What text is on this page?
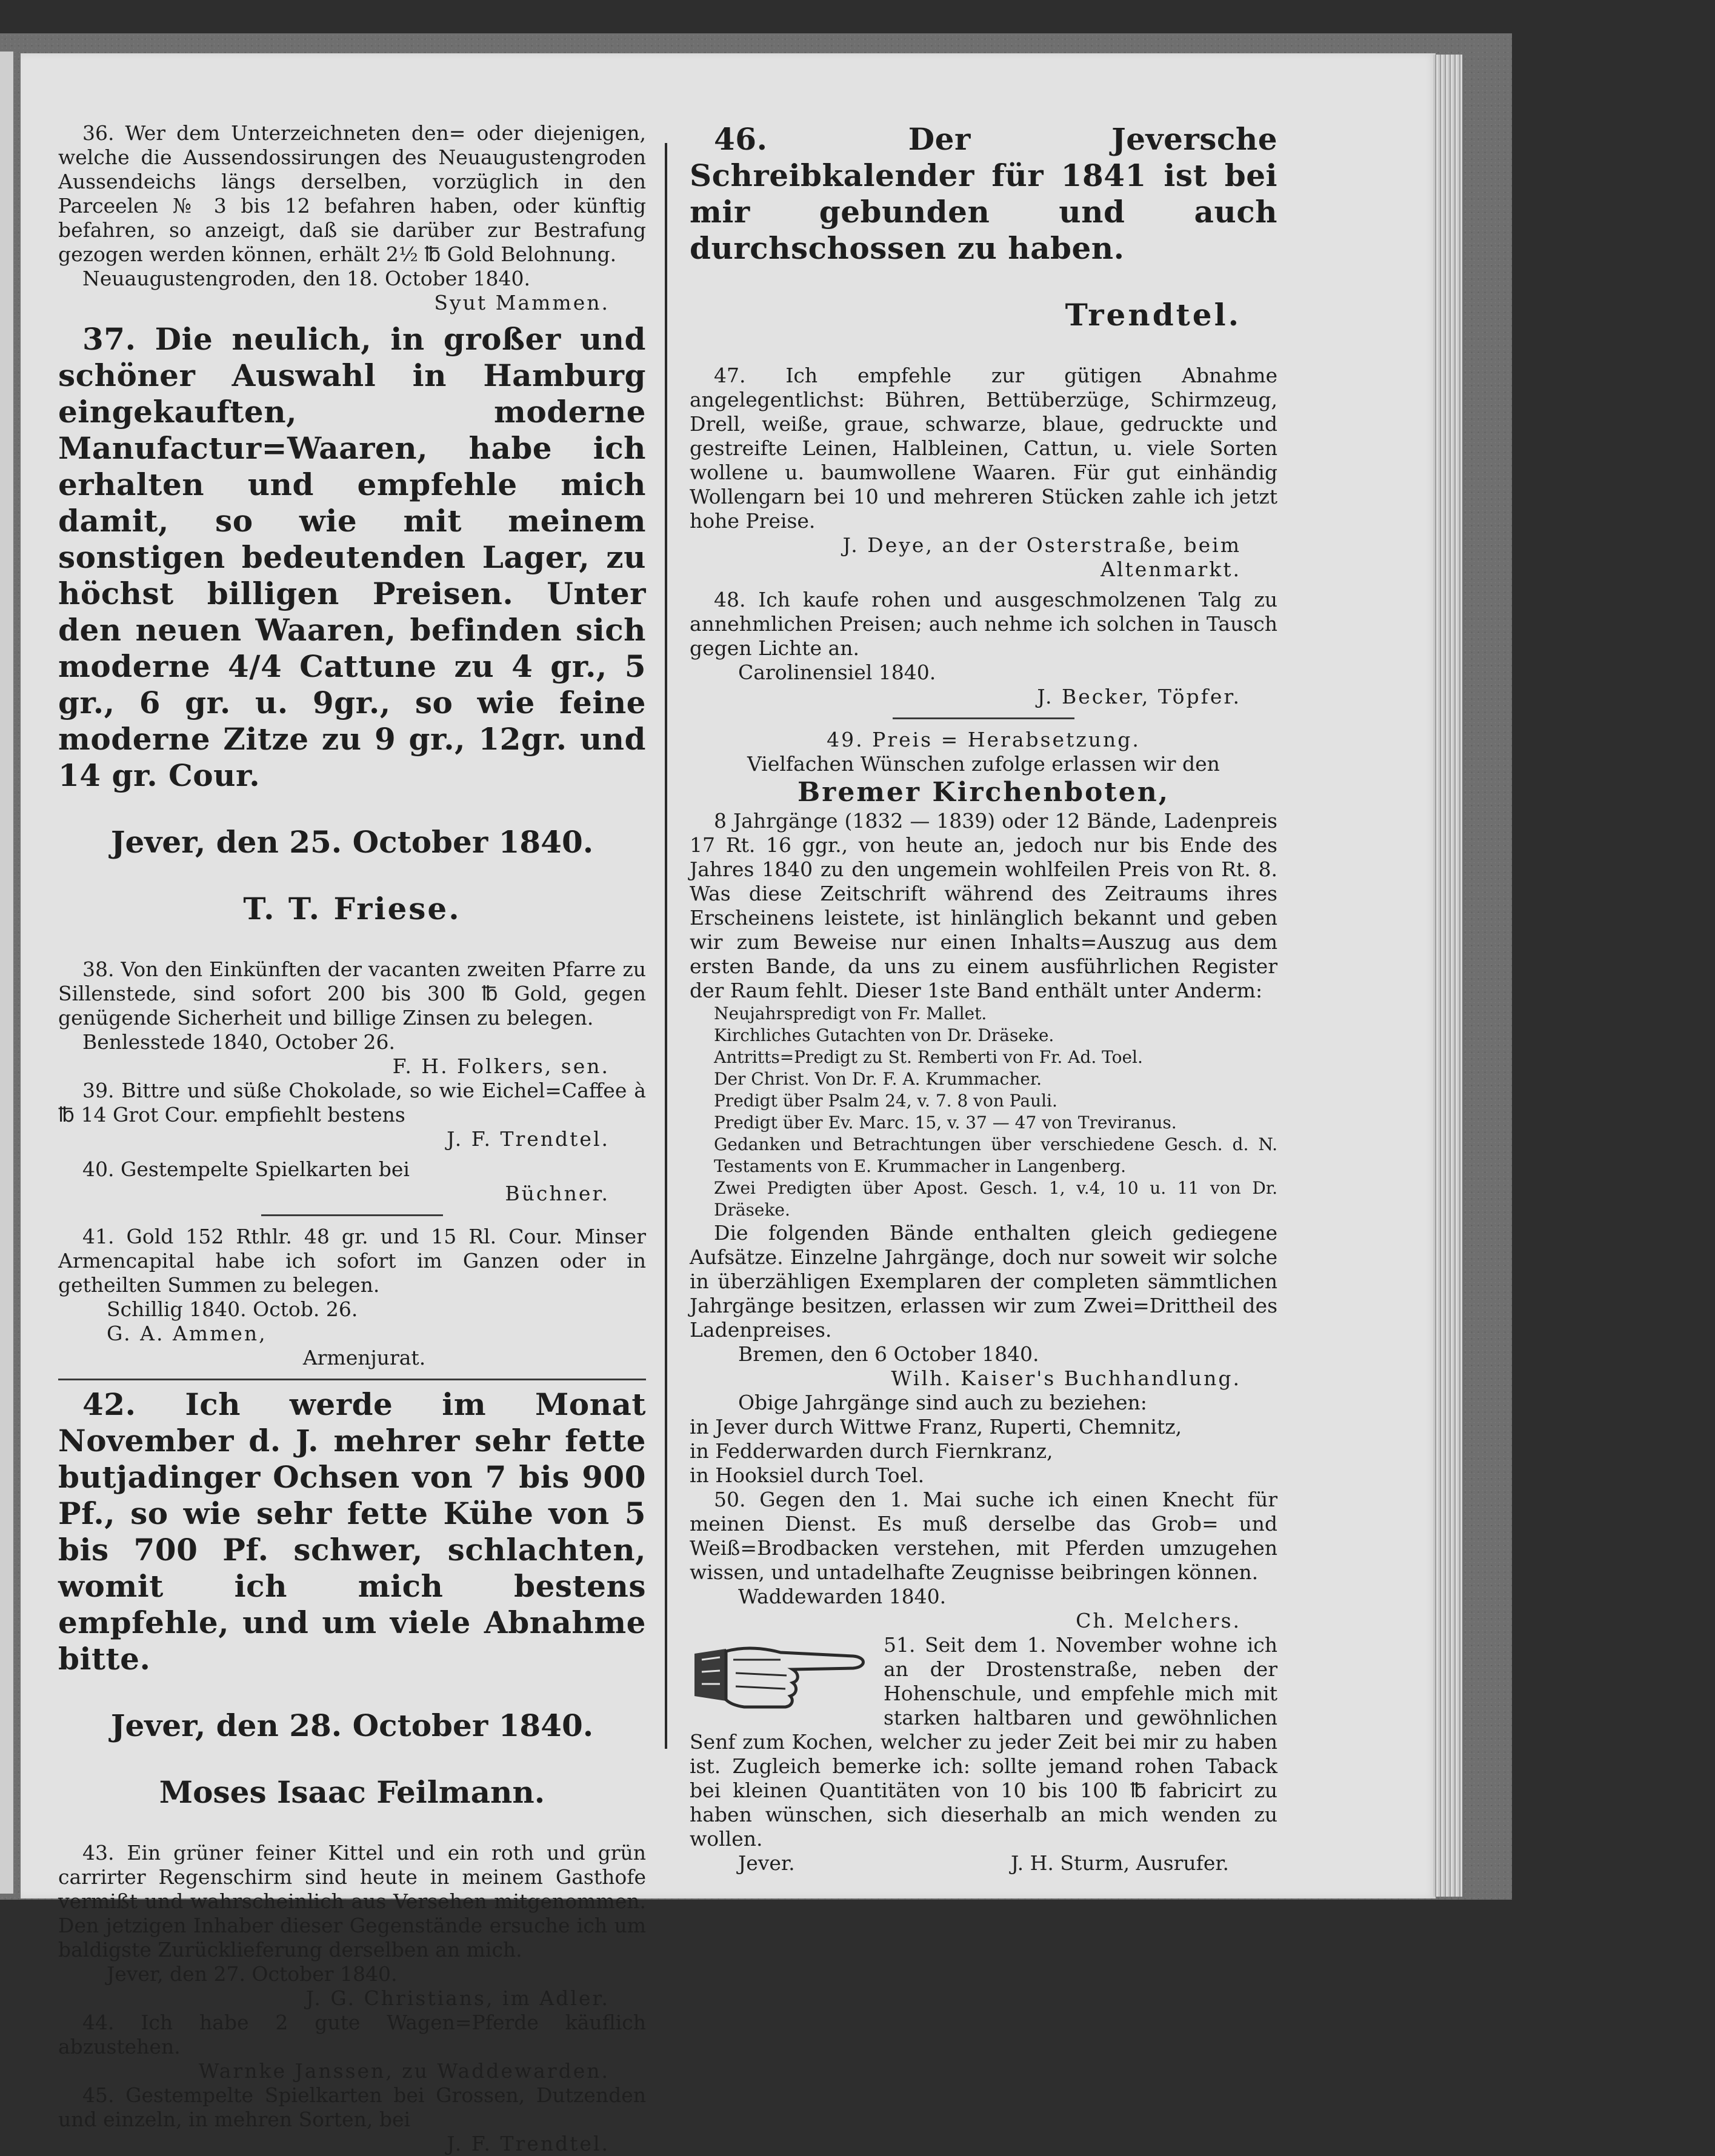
36. Wer dem Unterzeichneten den= oder diejenigen, welche die Aussendossirungen des Neuaugustengroden Aussendeichs längs derselben, vorzüglich in den Parceelen № 3 bis 12 befahren haben, oder künftig befahren, so anzeigt, daß sie darüber zur Bestrafung gezogen werden können, erhält 2½ ℔ Gold Belohnung.

Neuaugustengroden, den 18. October 1840.

Syut Mammen.

37. Die neulich, in großer und schöner Auswahl in Hamburg eingekauften, moderne Manufactur=Waaren, habe ich erhalten und empfehle mich damit, so wie mit meinem sonstigen bedeutenden Lager, zu höchst billigen Preisen. Unter den neuen Waaren, befinden sich moderne 4/4 Cattune zu 4 gr., 5 gr., 6 gr. u. 9gr., so wie feine moderne Zitze zu 9 gr., 12gr. und 14 gr. Cour.

Jever, den 25. October 1840.

T. T. Friese.

38. Von den Einkünften der vacanten zweiten Pfarre zu Sillenstede, sind sofort 200 bis 300 ℔ Gold, gegen genügende Sicherheit und billige Zinsen zu belegen.

Benlesstede 1840, October 26.

F. H. Folkers, sen.

39. Bittre und süße Chokolade, so wie Eichel=Caffee à ℔ 14 Grot Cour. empfiehlt bestens

J. F. Trendtel.

40. Gestempelte Spielkarten bei

Büchner.

41. Gold 152 Rthlr. 48 gr. und 15 Rl. Cour. Minser Armencapital habe ich sofort im Ganzen oder in getheilten Summen zu belegen.

Schillig 1840. Octob. 26.

G. A. Ammen,

Armenjurat.

42. Ich werde im Monat November d. J. mehrer sehr fette butjadinger Ochsen von 7 bis 900 Pf., so wie sehr fette Kühe von 5 bis 700 Pf. schwer, schlachten, womit ich mich bestens empfehle, und um viele Abnahme bitte.

Jever, den 28. October 1840.

Moses Isaac Feilmann.

43. Ein grüner feiner Kittel und ein roth und grün carrirter Regenschirm sind heute in meinem Gasthofe vermißt und wahrscheinlich aus Versehen mitgenommen. Den jetzigen Inhaber dieser Gegenstände ersuche ich um baldigste Zurücklieferung derselben an mich.

Jever, den 27. October 1840.

J. G. Christians, im Adler.

44. Ich habe 2 gute Wagen=Pferde käuflich abzustehen.

Warnke Janssen, zu Waddewarden.

45. Gestempelte Spielkarten bei Grossen, Dutzenden und einzeln, in mehren Sorten, bei

J. F. Trendtel.

46. Der Jeversche Schreibkalender für 1841 ist bei mir gebunden und auch durchschossen zu haben.

Trendtel.

47. Ich empfehle zur gütigen Abnahme angelegentlichst: Bühren, Bettüberzüge, Schirmzeug, Drell, weiße, graue, schwarze, blaue, gedruckte und gestreifte Leinen, Halbleinen, Cattun, u. viele Sorten wollene u. baumwollene Waaren. Für gut einhändig Wollengarn bei 10 und mehreren Stücken zahle ich jetzt hohe Preise.

J. Deye, an der Osterstraße, beim Altenmarkt.

48. Ich kaufe rohen und ausgeschmolzenen Talg zu annehmlichen Preisen; auch nehme ich solchen in Tausch gegen Lichte an.

Carolinensiel 1840.

J. Becker, Töpfer.

49. Preis = Herabsetzung.

Vielfachen Wünschen zufolge erlassen wir den

Bremer Kirchenboten,

8 Jahrgänge (1832 — 1839) oder 12 Bände, Ladenpreis 17 Rt. 16 ggr., von heute an, jedoch nur bis Ende des Jahres 1840 zu den ungemein wohlfeilen Preis von Rt. 8. Was diese Zeitschrift während des Zeitraums ihres Erscheinens leistete, ist hinlänglich bekannt und geben wir zum Beweise nur einen Inhalts=Auszug aus dem ersten Bande, da uns zu einem ausführlichen Register der Raum fehlt. Dieser 1ste Band enthält unter Anderm:

Neujahrspredigt von Fr. Mallet.

Kirchliches Gutachten von Dr. Dräseke.

Antritts=Predigt zu St. Remberti von Fr. Ad. Toel.

Der Christ. Von Dr. F. A. Krummacher.

Predigt über Psalm 24, v. 7. 8 von Pauli.

Predigt über Ev. Marc. 15, v. 37 — 47 von Treviranus.

Gedanken und Betrachtungen über verschiedene Gesch. d. N. Testaments von E. Krummacher in Langenberg.

Zwei Predigten über Apost. Gesch. 1, v.4, 10 u. 11 von Dr. Dräseke.

Die folgenden Bände enthalten gleich gediegene Aufsätze. Einzelne Jahrgänge, doch nur soweit wir solche in überzähligen Exemplaren der completen sämmtlichen Jahrgänge besitzen, erlassen wir zum Zwei=Drittheil des Ladenpreises.

Bremen, den 6 October 1840.

Wilh. Kaiser's Buchhandlung.

Obige Jahrgänge sind auch zu beziehen:

in Jever durch Wittwe Franz, Ruperti, Chemnitz,

in Fedderwarden durch Fiernkranz,

in Hooksiel durch Toel.

50. Gegen den 1. Mai suche ich einen Knecht für meinen Dienst. Es muß derselbe das Grob= und Weiß=Brodbacken verstehen, mit Pferden umzugehen wissen, und untadelhafte Zeugnisse beibringen können.

Waddewarden 1840.

Ch. Melchers.

51. Seit dem 1. November wohne ich an der Drostenstraße, neben der Hohenschule, und empfehle mich mit starken haltbaren und gewöhnlichen Senf zum Kochen, welcher zu jeder Zeit bei mir zu haben ist. Zugleich bemerke ich: sollte jemand rohen Taback bei kleinen Quantitäten von 10 bis 100 ℔ fabricirt zu haben wünschen, sich dieserhalb an mich wenden zu wollen.

Jever.	J. H. Sturm, Ausrufer.
